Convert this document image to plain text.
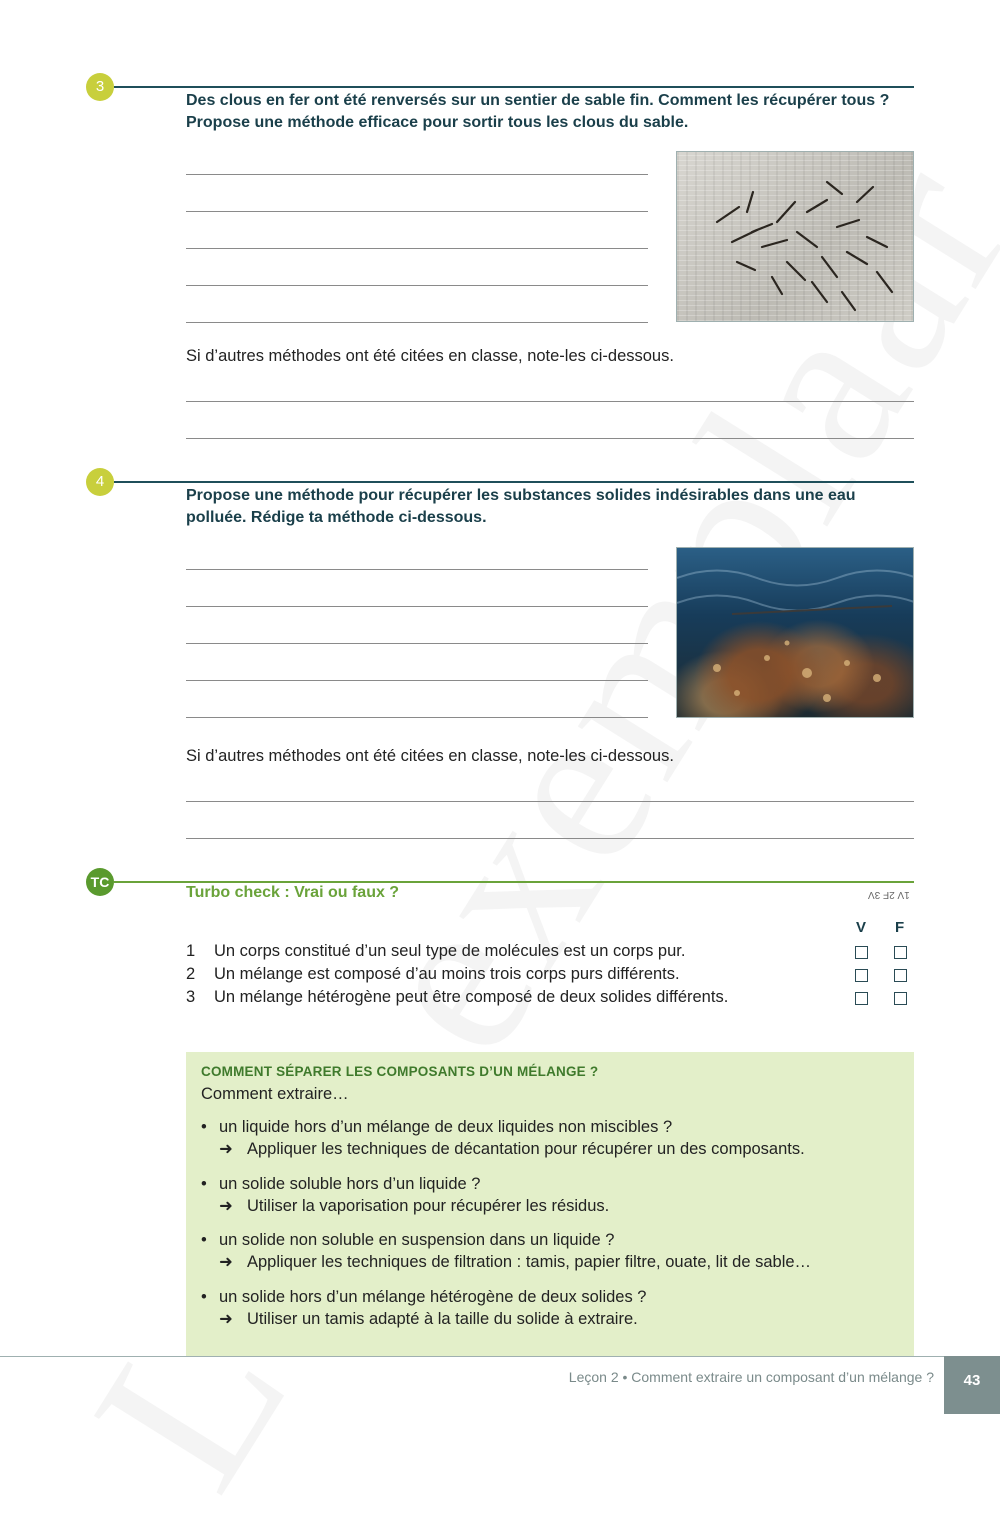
3
Des clous en fer ont été renversés sur un sentier de sable fin. Comment les récupérer tous ?
Propose une méthode efficace pour sortir tous les clous du sable.
Si d’autres méthodes ont été citées en classe, note-les ci-dessous.
4
Propose une méthode pour récupérer les substances solides indésirables dans une eau
polluée. Rédige ta méthode ci-dessous.
Si d’autres méthodes ont été citées en classe, note-les ci-dessous.
TC
Turbo check : Vrai ou faux ?	1V 2F 3V
V F
1 Un corps constitué d’un seul type de molécules est un corps pur.
2 Un mélange est composé d’au moins trois corps purs différents.
3 Un mélange hétérogène peut être composé de deux solides différents.
COMMENT SÉPARER LES COMPOSANTS D’UN MÉLANGE ?
Comment extraire…
• un liquide hors d’un mélange de deux liquides non miscibles ?
➜ Appliquer les techniques de décantation pour récupérer un des composants.
• un solide soluble hors d’un liquide ?
➜ Utiliser la vaporisation pour récupérer les résidus.
• un solide non soluble en suspension dans un liquide ?
➜ Appliquer les techniques de filtration : tamis, papier filtre, ouate, lit de sable…
• un solide hors d’un mélange hétérogène de deux solides ?
➜ Utiliser un tamis adapté à la taille du solide à extraire.
Leçon 2 • Comment extraire un composant d’un mélange ?	43
